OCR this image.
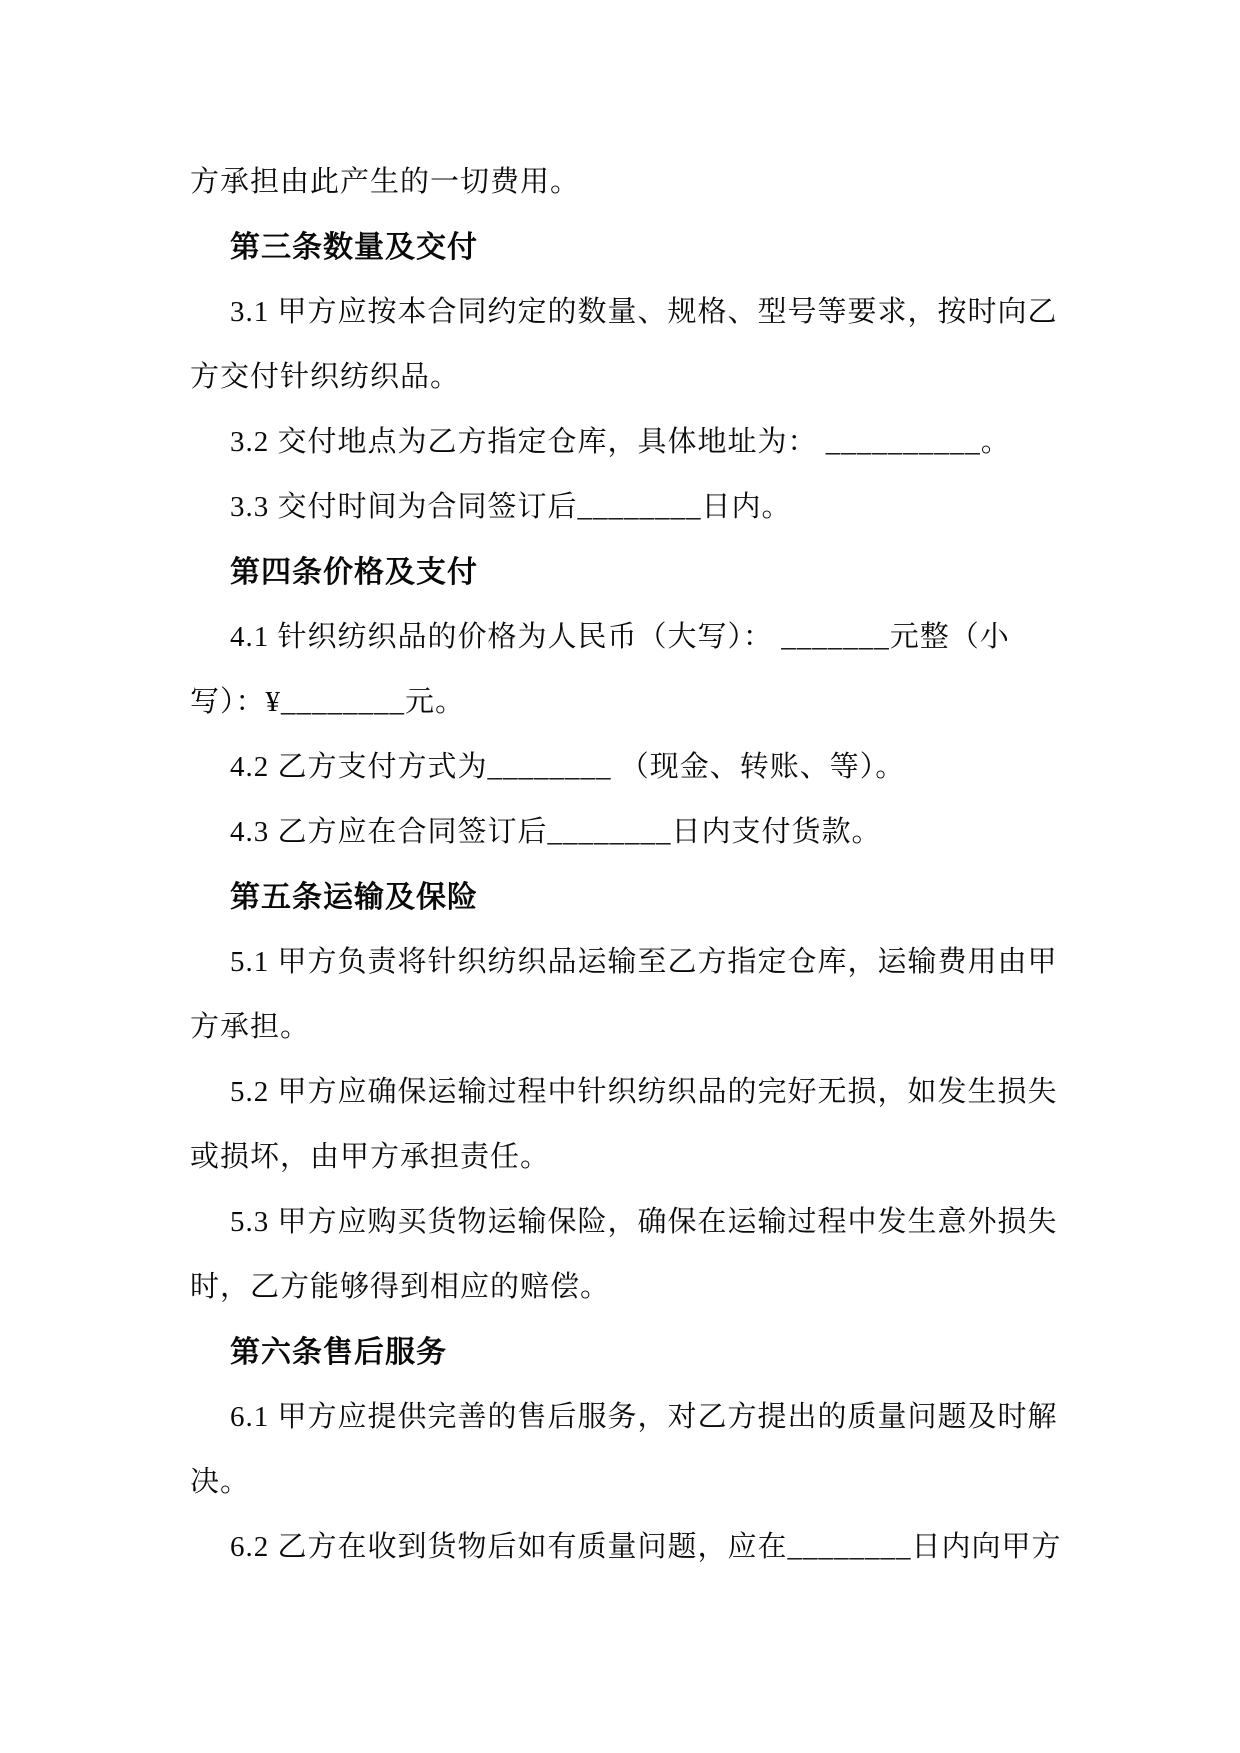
方承担由此产生的一切费用。
第三条数量及交付
3.1 甲方应按本合同约定的数量、规格、型号等要求，按时向乙
方交付针织纺织品。
3.2 交付地点为乙方指定仓库，具体地址为： __________。
3.3 交付时间为合同签订后________日内。
第四条价格及支付
4.1 针织纺织品的价格为人民币（大写）： _______元整（小
写）：¥________元。
4.2 乙方支付方式为________ （现金、转账、等）。
4.3 乙方应在合同签订后________日内支付货款。
第五条运输及保险
5.1 甲方负责将针织纺织品运输至乙方指定仓库，运输费用由甲
方承担。
5.2 甲方应确保运输过程中针织纺织品的完好无损，如发生损失
或损坏，由甲方承担责任。
5.3 甲方应购买货物运输保险，确保在运输过程中发生意外损失
时，乙方能够得到相应的赔偿。
第六条售后服务
6.1 甲方应提供完善的售后服务，对乙方提出的质量问题及时解
决。
6.2 乙方在收到货物后如有质量问题，应在________日内向甲方
